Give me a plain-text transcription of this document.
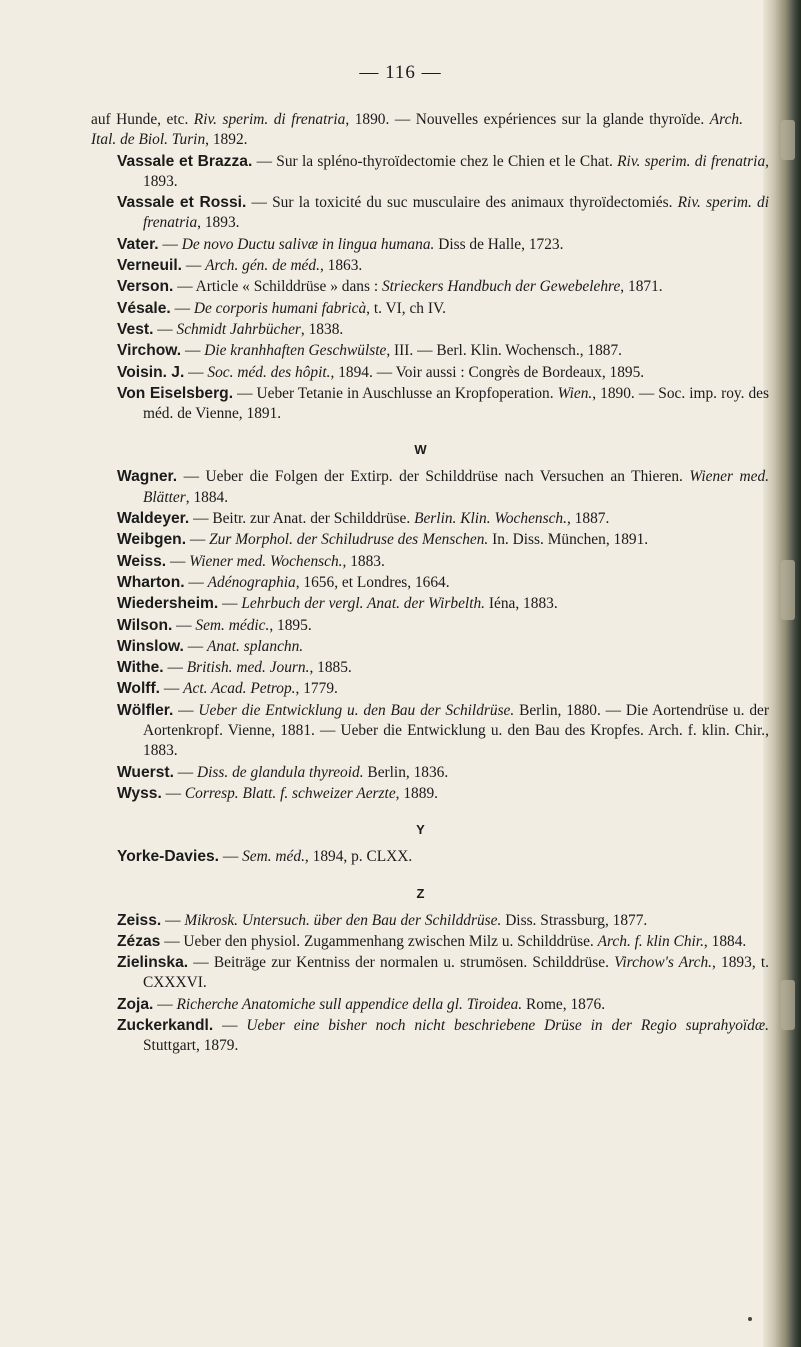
— 116 —
auf Hunde, etc. Riv. sperim. di frenatria, 1890. — Nouvelles expériences sur la glande thyroïde. Arch. Ital. de Biol. Turin, 1892.
Vassale et Brazza. — Sur la spléno-thyroïdectomie chez le Chien et le Chat. Riv. sperim. di frenatria, 1893.
Vassale et Rossi. — Sur la toxicité du suc musculaire des animaux thyroïdectomiés. Riv. sperim. di frenatria, 1893.
Vater. — De novo Ductu salivæ in lingua humana. Diss de Halle, 1723.
Verneuil. — Arch. gén. de méd., 1863.
Verson. — Article « Schilddrüse » dans : Strieckers Handbuch der Gewebelehre, 1871.
Vésale. — De corporis humani fabricà, t. VI, ch IV.
Vest. — Schmidt Jahrbücher, 1838.
Virchow. — Die kranhhaften Geschwülste, III. — Berl. Klin. Wochensch., 1887.
Voisin. J. — Soc. méd. des hôpit., 1894. — Voir aussi : Congrès de Bordeaux, 1895.
Von Eiselsberg. — Ueber Tetanie in Auschlusse an Kropfoperation. Wien., 1890. — Soc. imp. roy. des méd. de Vienne, 1891.
W
Wagner. — Ueber die Folgen der Extirp. der Schilddrüse nach Versuchen an Thieren. Wiener med. Blätter, 1884.
Waldeyer. — Beitr. zur Anat. der Schilddrüse. Berlin. Klin. Wochensch., 1887.
Weibgen. — Zur Morphol. der Schiludruse des Menschen. In. Diss. München, 1891.
Weiss. — Wiener med. Wochensch., 1883.
Wharton. — Adénographia, 1656, et Londres, 1664.
Wiedersheim. — Lehrbuch der vergl. Anat. der Wirbelth. Iéna, 1883.
Wilson. — Sem. médic., 1895.
Winslow. — Anat. splanchn.
Withe. — British. med. Journ., 1885.
Wolff. — Act. Acad. Petrop., 1779.
Wölfler. — Ueber die Entwicklung u. den Bau der Schildrüse. Berlin, 1880. — Die Aortendrüse u. der Aortenkropf. Vienne, 1881. — Ueber die Entwicklung u. den Bau des Kropfes. Arch. f. klin. Chir., 1883.
Wuerst. — Diss. de glandula thyreoid. Berlin, 1836.
Wyss. — Corresp. Blatt. f. schweizer Aerzte, 1889.
Y
Yorke-Davies. — Sem. méd., 1894, p. CLXX.
Z
Zeiss. — Mikrosk. Untersuch. über den Bau der Schilddrüse. Diss. Strassburg, 1877.
Zézas — Ueber den physiol. Zugammenhang zwischen Milz u. Schilddrüse. Arch. f. klin Chir., 1884.
Zielinska. — Beiträge zur Kentniss der normalen u. strumösen. Schilddrüse. Virchow's Arch., 1893, t. CXXXVI.
Zoja. — Richerche Anatomiche sull appendice della gl. Tiroidea. Rome, 1876.
Zuckerkandl. — Ueber eine bisher noch nicht beschriebene Drüse in der Regio suprahyoïdæ. Stuttgart, 1879.
